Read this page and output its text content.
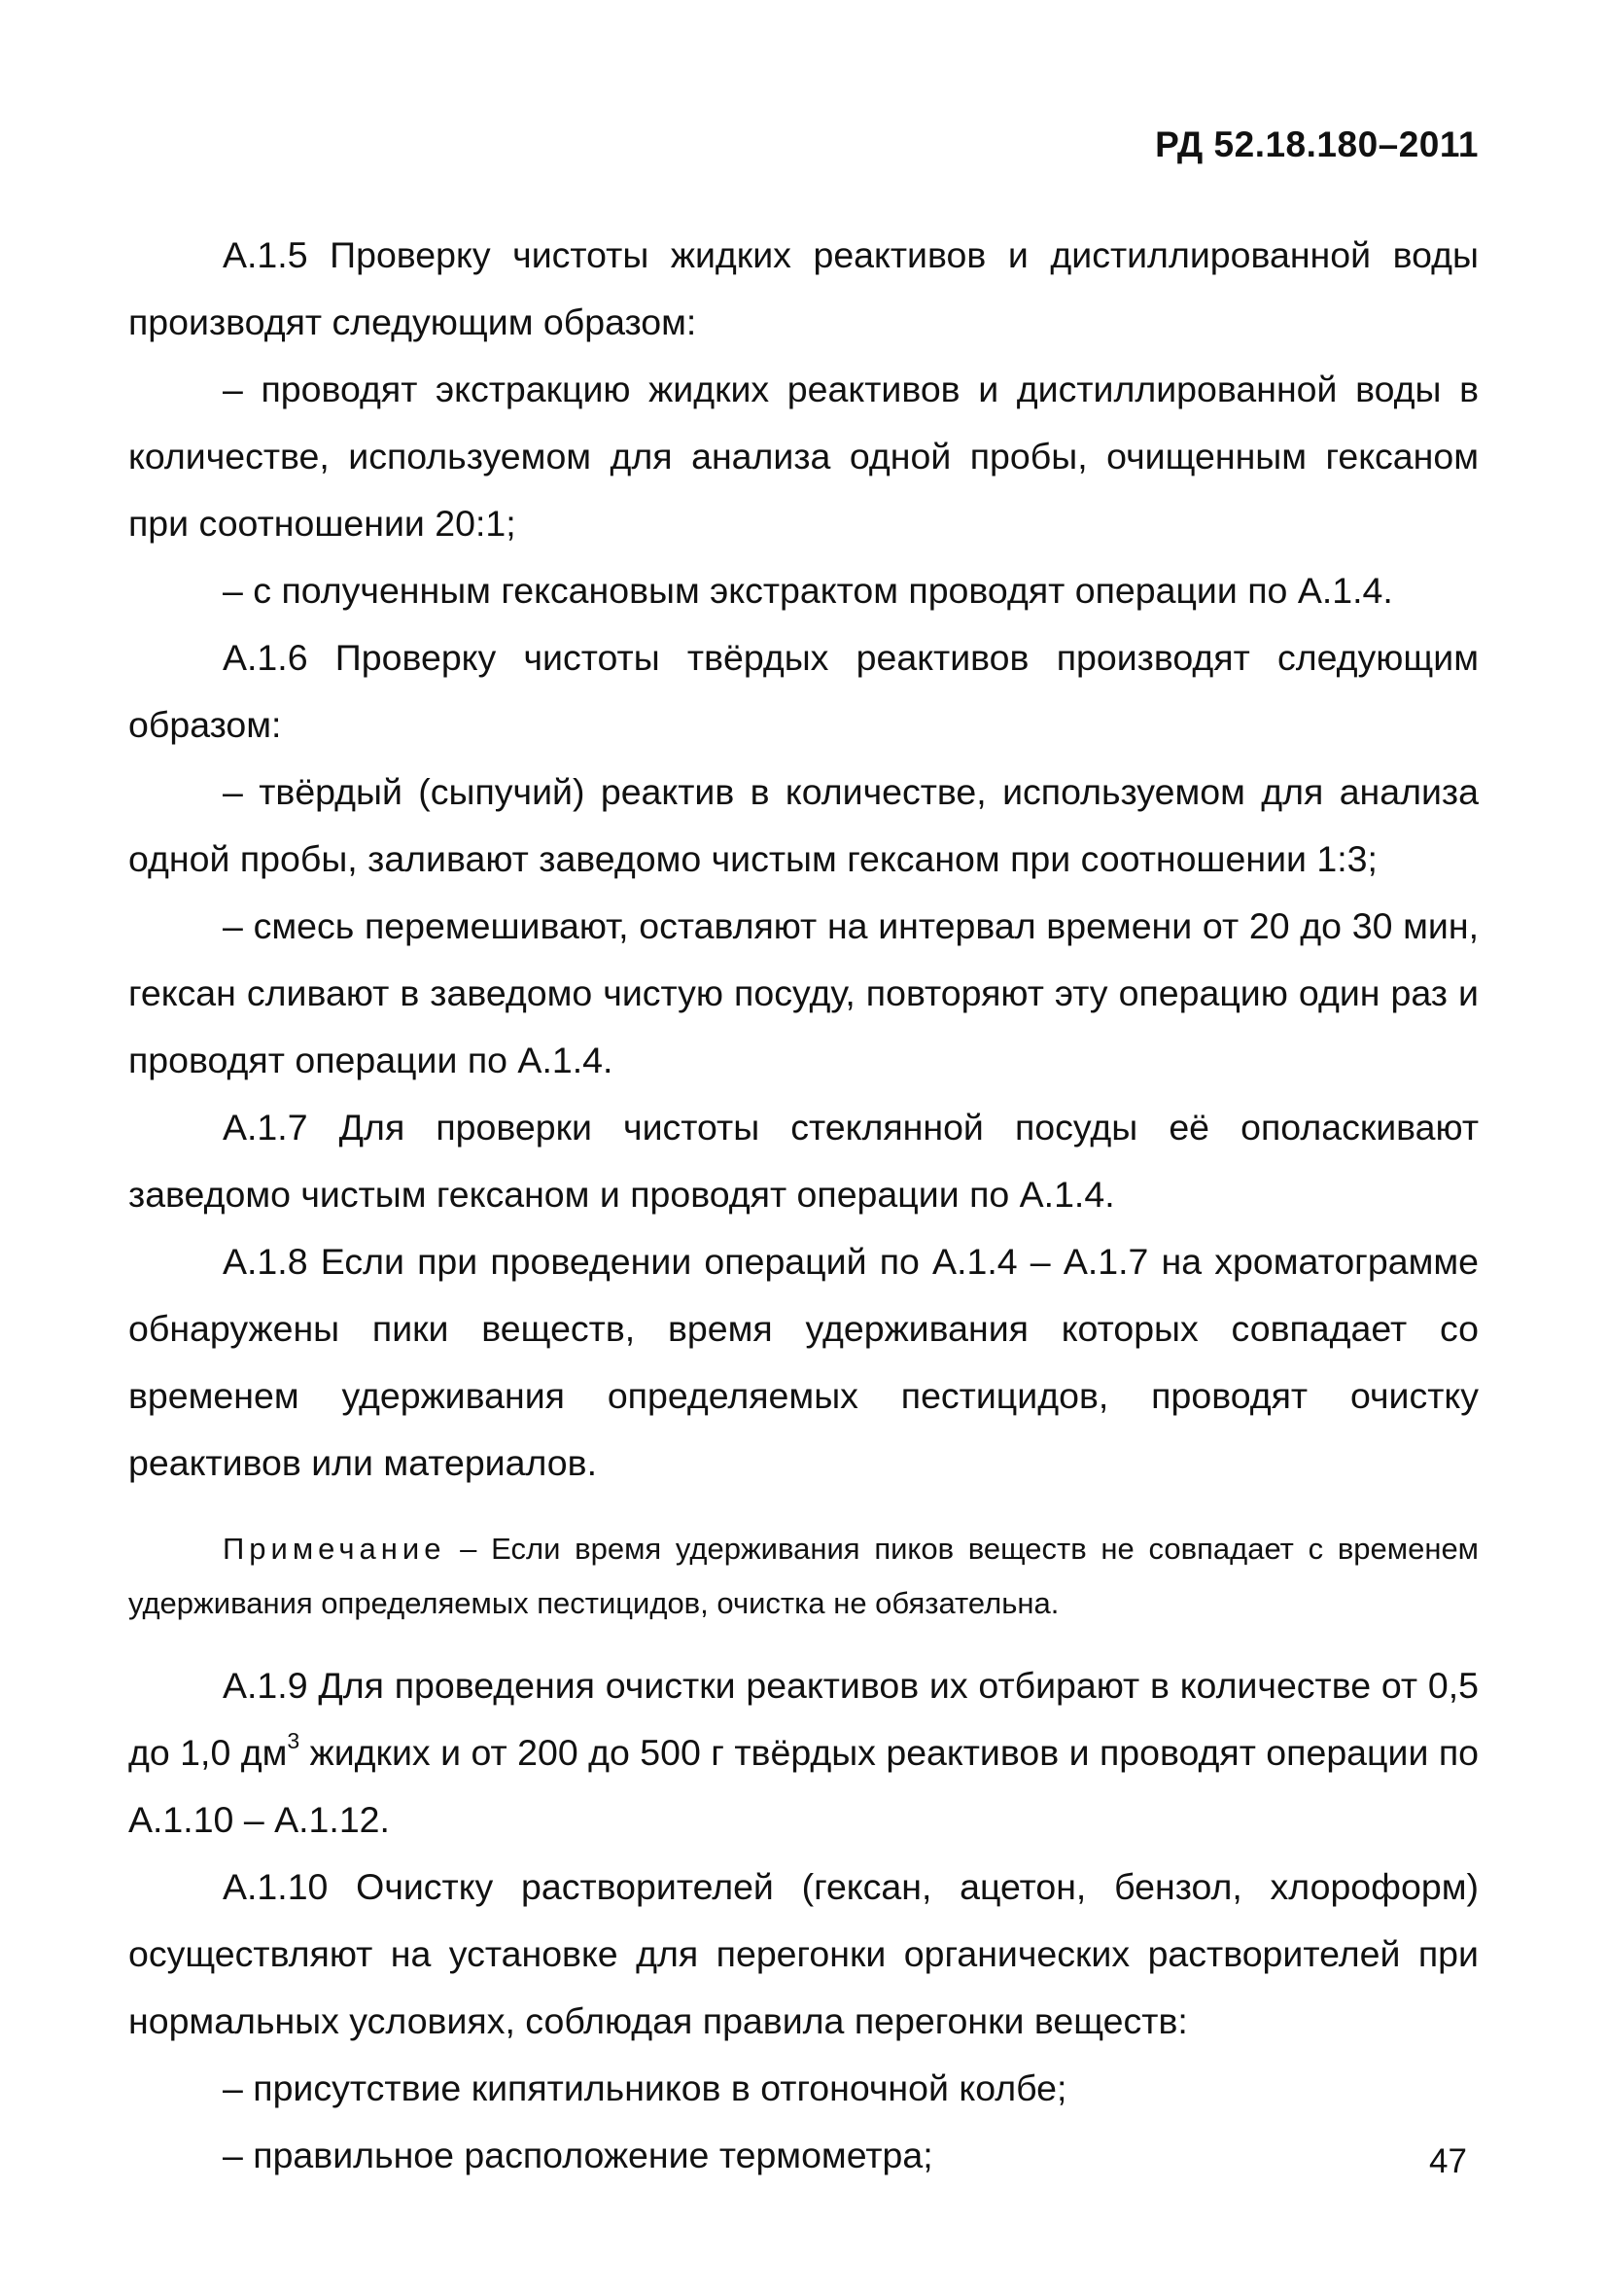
РД 52.18.180–2011

А.1.5 Проверку чистоты жидких реактивов и дистиллированной воды производят следующим образом:

– проводят экстракцию жидких реактивов и дистиллированной воды в количестве, используемом для анализа одной пробы, очищенным гексаном при соотношении 20:1;

– с полученным гексановым экстрактом проводят операции по А.1.4.

А.1.6 Проверку чистоты твёрдых реактивов производят следующим образом:

– твёрдый (сыпучий) реактив в количестве, используемом для анализа одной пробы, заливают заведомо чистым гексаном при соотношении 1:3;

– смесь перемешивают, оставляют на интервал времени от 20 до 30 мин, гексан сливают в заведомо чистую посуду, повторяют эту операцию один раз и проводят операции по А.1.4.

А.1.7 Для проверки чистоты стеклянной посуды её ополаскивают заведомо чистым гексаном и проводят операции по А.1.4.

А.1.8 Если при проведении операций по А.1.4 – А.1.7 на хроматограмме обнаружены пики веществ, время удерживания которых совпадает со временем удерживания определяемых пестицидов, проводят очистку реактивов или материалов.

Примечание – Если время удерживания пиков веществ не совпадает с временем удерживания определяемых пестицидов, очистка не обязательна.

А.1.9 Для проведения очистки реактивов их отбирают в количестве от 0,5 до 1,0 $дм^3$ жидких и от 200 до 500 г твёрдых реактивов и проводят операции по А.1.10 – А.1.12.

А.1.10 Очистку растворителей (гексан, ацетон, бензол, хлороформ) осуществляют на установке для перегонки органических растворителей при нормальных условиях, соблюдая правила перегонки веществ:

– присутствие кипятильников в отгоночной колбе;

– правильное расположение термометра;	47
